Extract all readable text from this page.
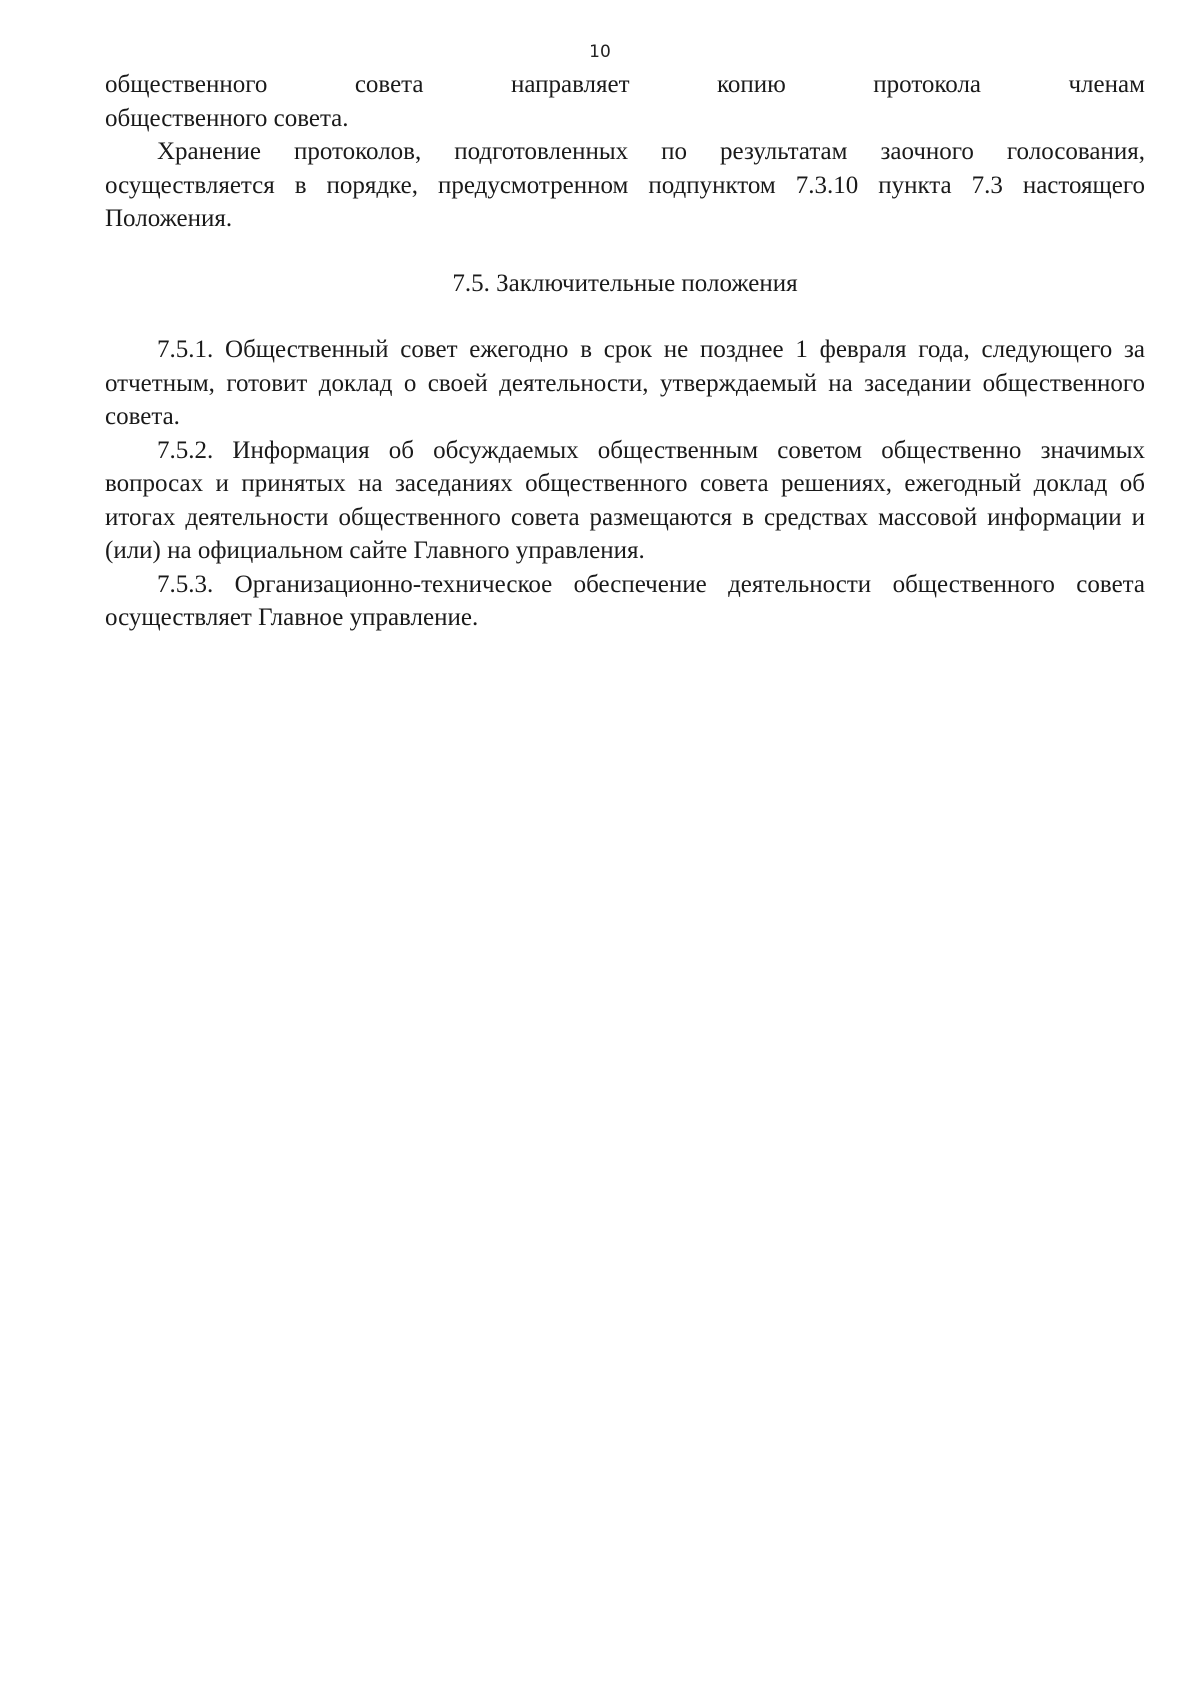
10
общественного	совета	направляет	копию	протокола	членам

общественного совета.

Хранение протоколов, подготовленных по результатам заочного голосования, осуществляется в порядке, предусмотренном подпунктом 7.3.10 пункта 7.3 настоящего Положения.

7.5. Заключительные положения

7.5.1. Общественный совет ежегодно в срок не позднее 1 февраля года, следующего за отчетным, готовит доклад о своей деятельности, утверждаемый на заседании общественного совета.

7.5.2. Информация об обсуждаемых общественным советом общественно значимых вопросах и принятых на заседаниях общественного совета решениях, ежегодный доклад об итогах деятельности общественного совета размещаются в средствах массовой информации и (или) на официальном сайте Главного управления.

7.5.3. Организационно-техническое обеспечение деятельности общественного совета осуществляет Главное управление.
